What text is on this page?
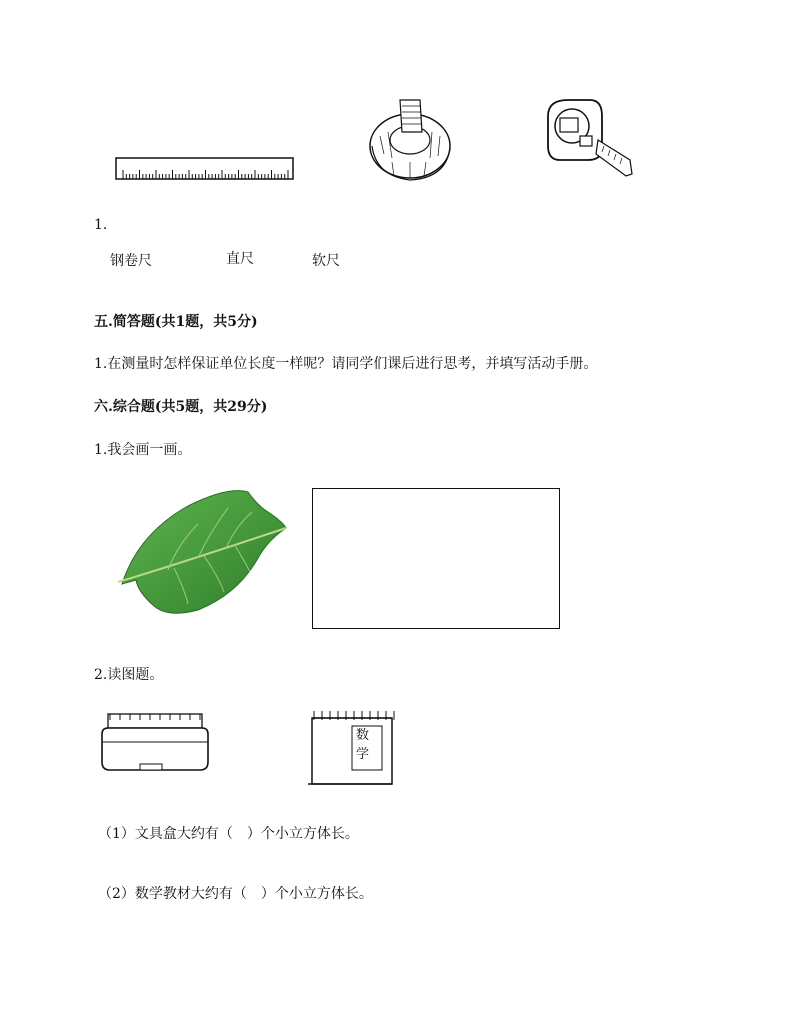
1.
钢卷尺	直尺	软尺
五.简答题(共1题，共5分)
1.在测量时怎样保证单位长度一样呢？请同学们课后进行思考，并填写活动手册。
六.综合题(共5题，共29分)
1.我会画一画。
2.读图题。
数学
（1）文具盒大约有（　）个小立方体长。
（2）数学教材大约有（　）个小立方体长。
